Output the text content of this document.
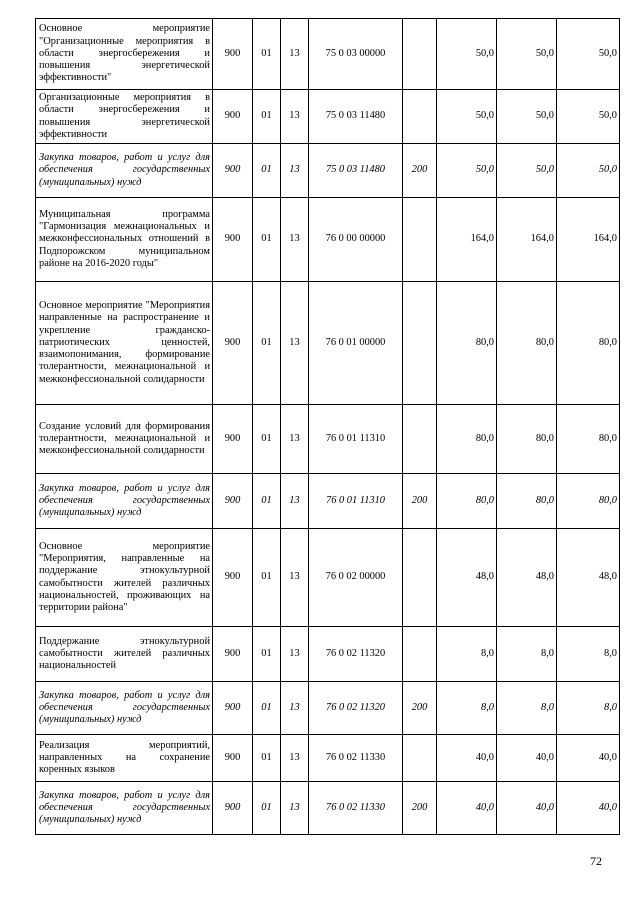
Основное мероприятие "Организационные мероприятия в области энергосбережения и повышения энергетической эффективности"	900	01	13	75 0 03 00000		50,0	50,0	50,0
Организационные мероприятия в области энергосбережения и повышения энергетической эффективности	900	01	13	75 0 03 11480		50,0	50,0	50,0
Закупка товаров, работ и услуг для обеспечения государственных (муниципальных) нужд	900	01	13	75 0 03 11480	200	50,0	50,0	50,0
Муниципальная программа "Гармонизация межнациональных и межконфессиональных отношений в Подпорожском муниципальном районе на 2016-2020 годы"	900	01	13	76 0 00 00000		164,0	164,0	164,0
Основное мероприятие "Мероприятия направленные на распространение и укрепление гражданско- патриотических ценностей, взаимопонимания, формирование толерантности, межнациональной и межконфессиональной солидарности	900	01	13	76 0 01 00000		80,0	80,0	80,0
Создание условий для формирования толерантности, межнациональной и межконфессиональной солидарности	900	01	13	76 0 01 11310		80,0	80,0	80,0
Закупка товаров, работ и услуг для обеспечения государственных (муниципальных) нужд	900	01	13	76 0 01 11310	200	80,0	80,0	80,0
Основное мероприятие "Мероприятия, направленные на поддержание этнокультурной самобытности жителей различных национальностей, проживающих на территории района"	900	01	13	76 0 02 00000		48,0	48,0	48,0
Поддержание этнокультурной самобытности жителей различных национальностей	900	01	13	76 0 02 11320		8,0	8,0	8,0
Закупка товаров, работ и услуг для обеспечения государственных (муниципальных) нужд	900	01	13	76 0 02 11320	200	8,0	8,0	8,0
Реализация мероприятий, направленных на сохранение коренных языков	900	01	13	76 0 02 11330		40,0	40,0	40,0
Закупка товаров, работ и услуг для обеспечения государственных (муниципальных) нужд	900	01	13	76 0 02 11330	200	40,0	40,0	40,0
72
